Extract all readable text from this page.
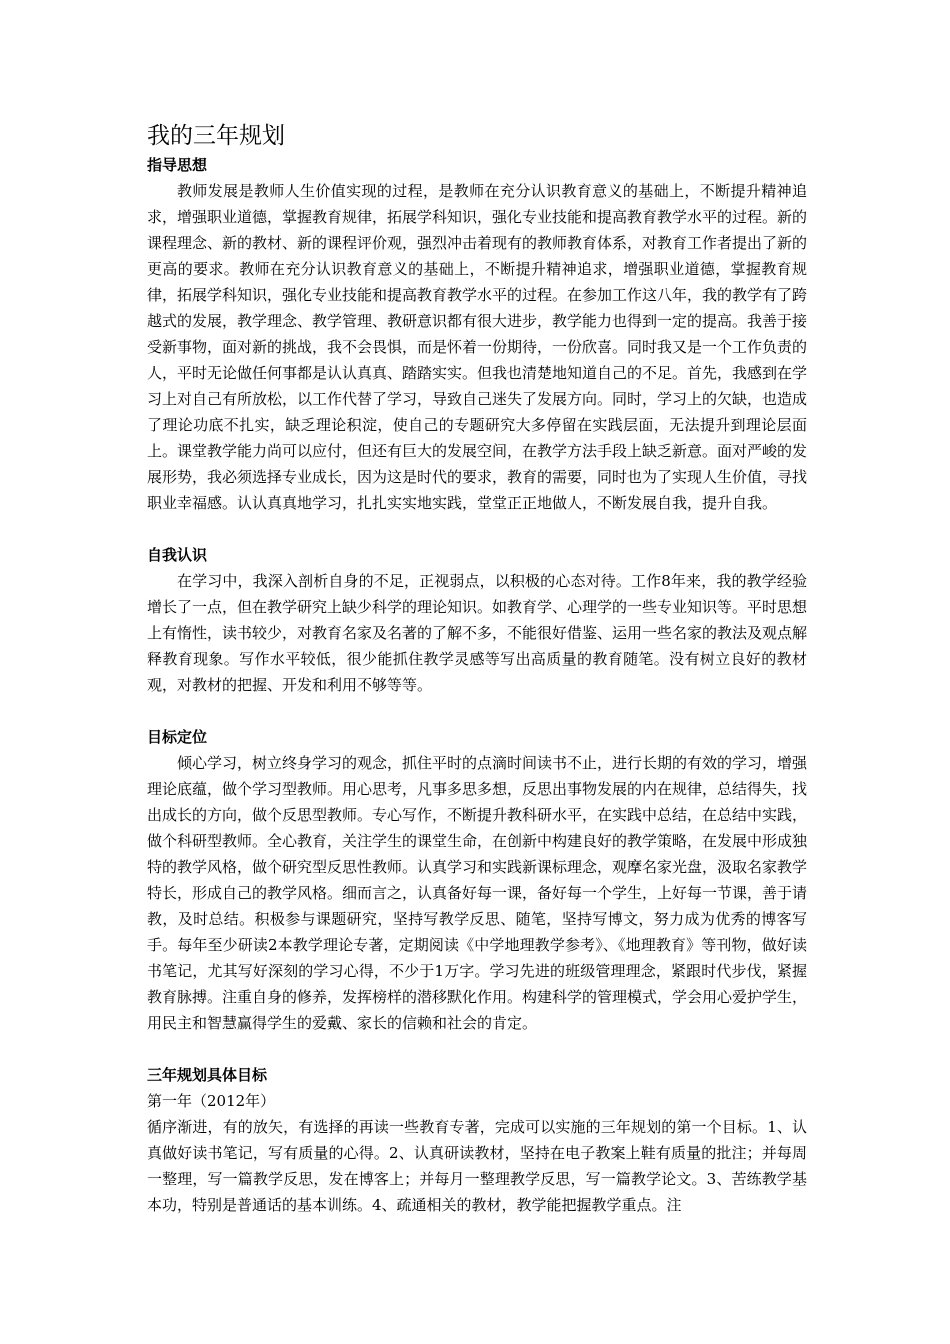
我的三年规划
指导思想

教师发展是教师人生价值实现的过程，是教师在充分认识教育意义的基础上，不断提升精神追求，增强职业道德，掌握教育规律，拓展学科知识，强化专业技能和提高教育教学水平的过程。新的课程理念、新的教材、新的课程评价观，强烈冲击着现有的教师教育体系，对教育工作者提出了新的更高的要求。教师在充分认识教育意义的基础上，不断提升精神追求，增强职业道德，掌握教育规律，拓展学科知识，强化专业技能和提高教育教学水平的过程。在参加工作这八年，我的教学有了跨越式的发展，教学理念、教学管理、教研意识都有很大进步，教学能力也得到一定的提高。我善于接受新事物，面对新的挑战，我不会畏惧，而是怀着一份期待，一份欣喜。同时我又是一个工作负责的人，平时无论做任何事都是认认真真、踏踏实实。但我也清楚地知道自己的不足。首先，我感到在学习上对自己有所放松，以工作代替了学习，导致自己迷失了发展方向。同时，学习上的欠缺，也造成了理论功底不扎实，缺乏理论积淀，使自己的专题研究大多停留在实践层面，无法提升到理论层面上。课堂教学能力尚可以应付，但还有巨大的发展空间，在教学方法手段上缺乏新意。面对严峻的发展形势，我必须选择专业成长，因为这是时代的要求，教育的需要，同时也为了实现人生价值，寻找职业幸福感。认认真真地学习，扎扎实实地实践，堂堂正正地做人，不断发展自我，提升自我。

自我认识

在学习中，我深入剖析自身的不足，正视弱点，以积极的心态对待。工作8年来，我的教学经验增长了一点，但在教学研究上缺少科学的理论知识。如教育学、心理学的一些专业知识等。平时思想上有惰性，读书较少，对教育名家及名著的了解不多，不能很好借鉴、运用一些名家的教法及观点解释教育现象。写作水平较低，很少能抓住教学灵感等写出高质量的教育随笔。没有树立良好的教材观，对教材的把握、开发和利用不够等等。

目标定位

倾心学习，树立终身学习的观念，抓住平时的点滴时间读书不止，进行长期的有效的学习，增强理论底蕴，做个学习型教师。用心思考，凡事多思多想，反思出事物发展的内在规律，总结得失，找出成长的方向，做个反思型教师。专心写作，不断提升教科研水平，在实践中总结，在总结中实践，做个科研型教师。全心教育，关注学生的课堂生命，在创新中构建良好的教学策略，在发展中形成独特的教学风格，做个研究型反思性教师。认真学习和实践新课标理念，观摩名家光盘，汲取名家教学特长，形成自己的教学风格。细而言之，认真备好每一课，备好每一个学生，上好每一节课，善于请教，及时总结。积极参与课题研究，坚持写教学反思、随笔，坚持写博文，努力成为优秀的博客写手。每年至少研读2本教学理论专著，定期阅读《中学地理教学参考》、《地理教育》等刊物，做好读书笔记，尤其写好深刻的学习心得，不少于1万字。学习先进的班级管理理念，紧跟时代步伐，紧握教育脉搏。注重自身的修养，发挥榜样的潜移默化作用。构建科学的管理模式，学会用心爱护学生，用民主和智慧赢得学生的爱戴、家长的信赖和社会的肯定。

三年规划具体目标

第一年（2012年）

循序渐进，有的放矢，有选择的再读一些教育专著，完成可以实施的三年规划的第一个目标。1、认真做好读书笔记，写有质量的心得。2、认真研读教材，坚持在电子教案上鞋有质量的批注；并每周一整理，写一篇教学反思，发在博客上；并每月一整理教学反思，写一篇教学论文。3、苦练教学基本功，特别是普通话的基本训练。4、疏通相关的教材，教学能把握教学重点。注
